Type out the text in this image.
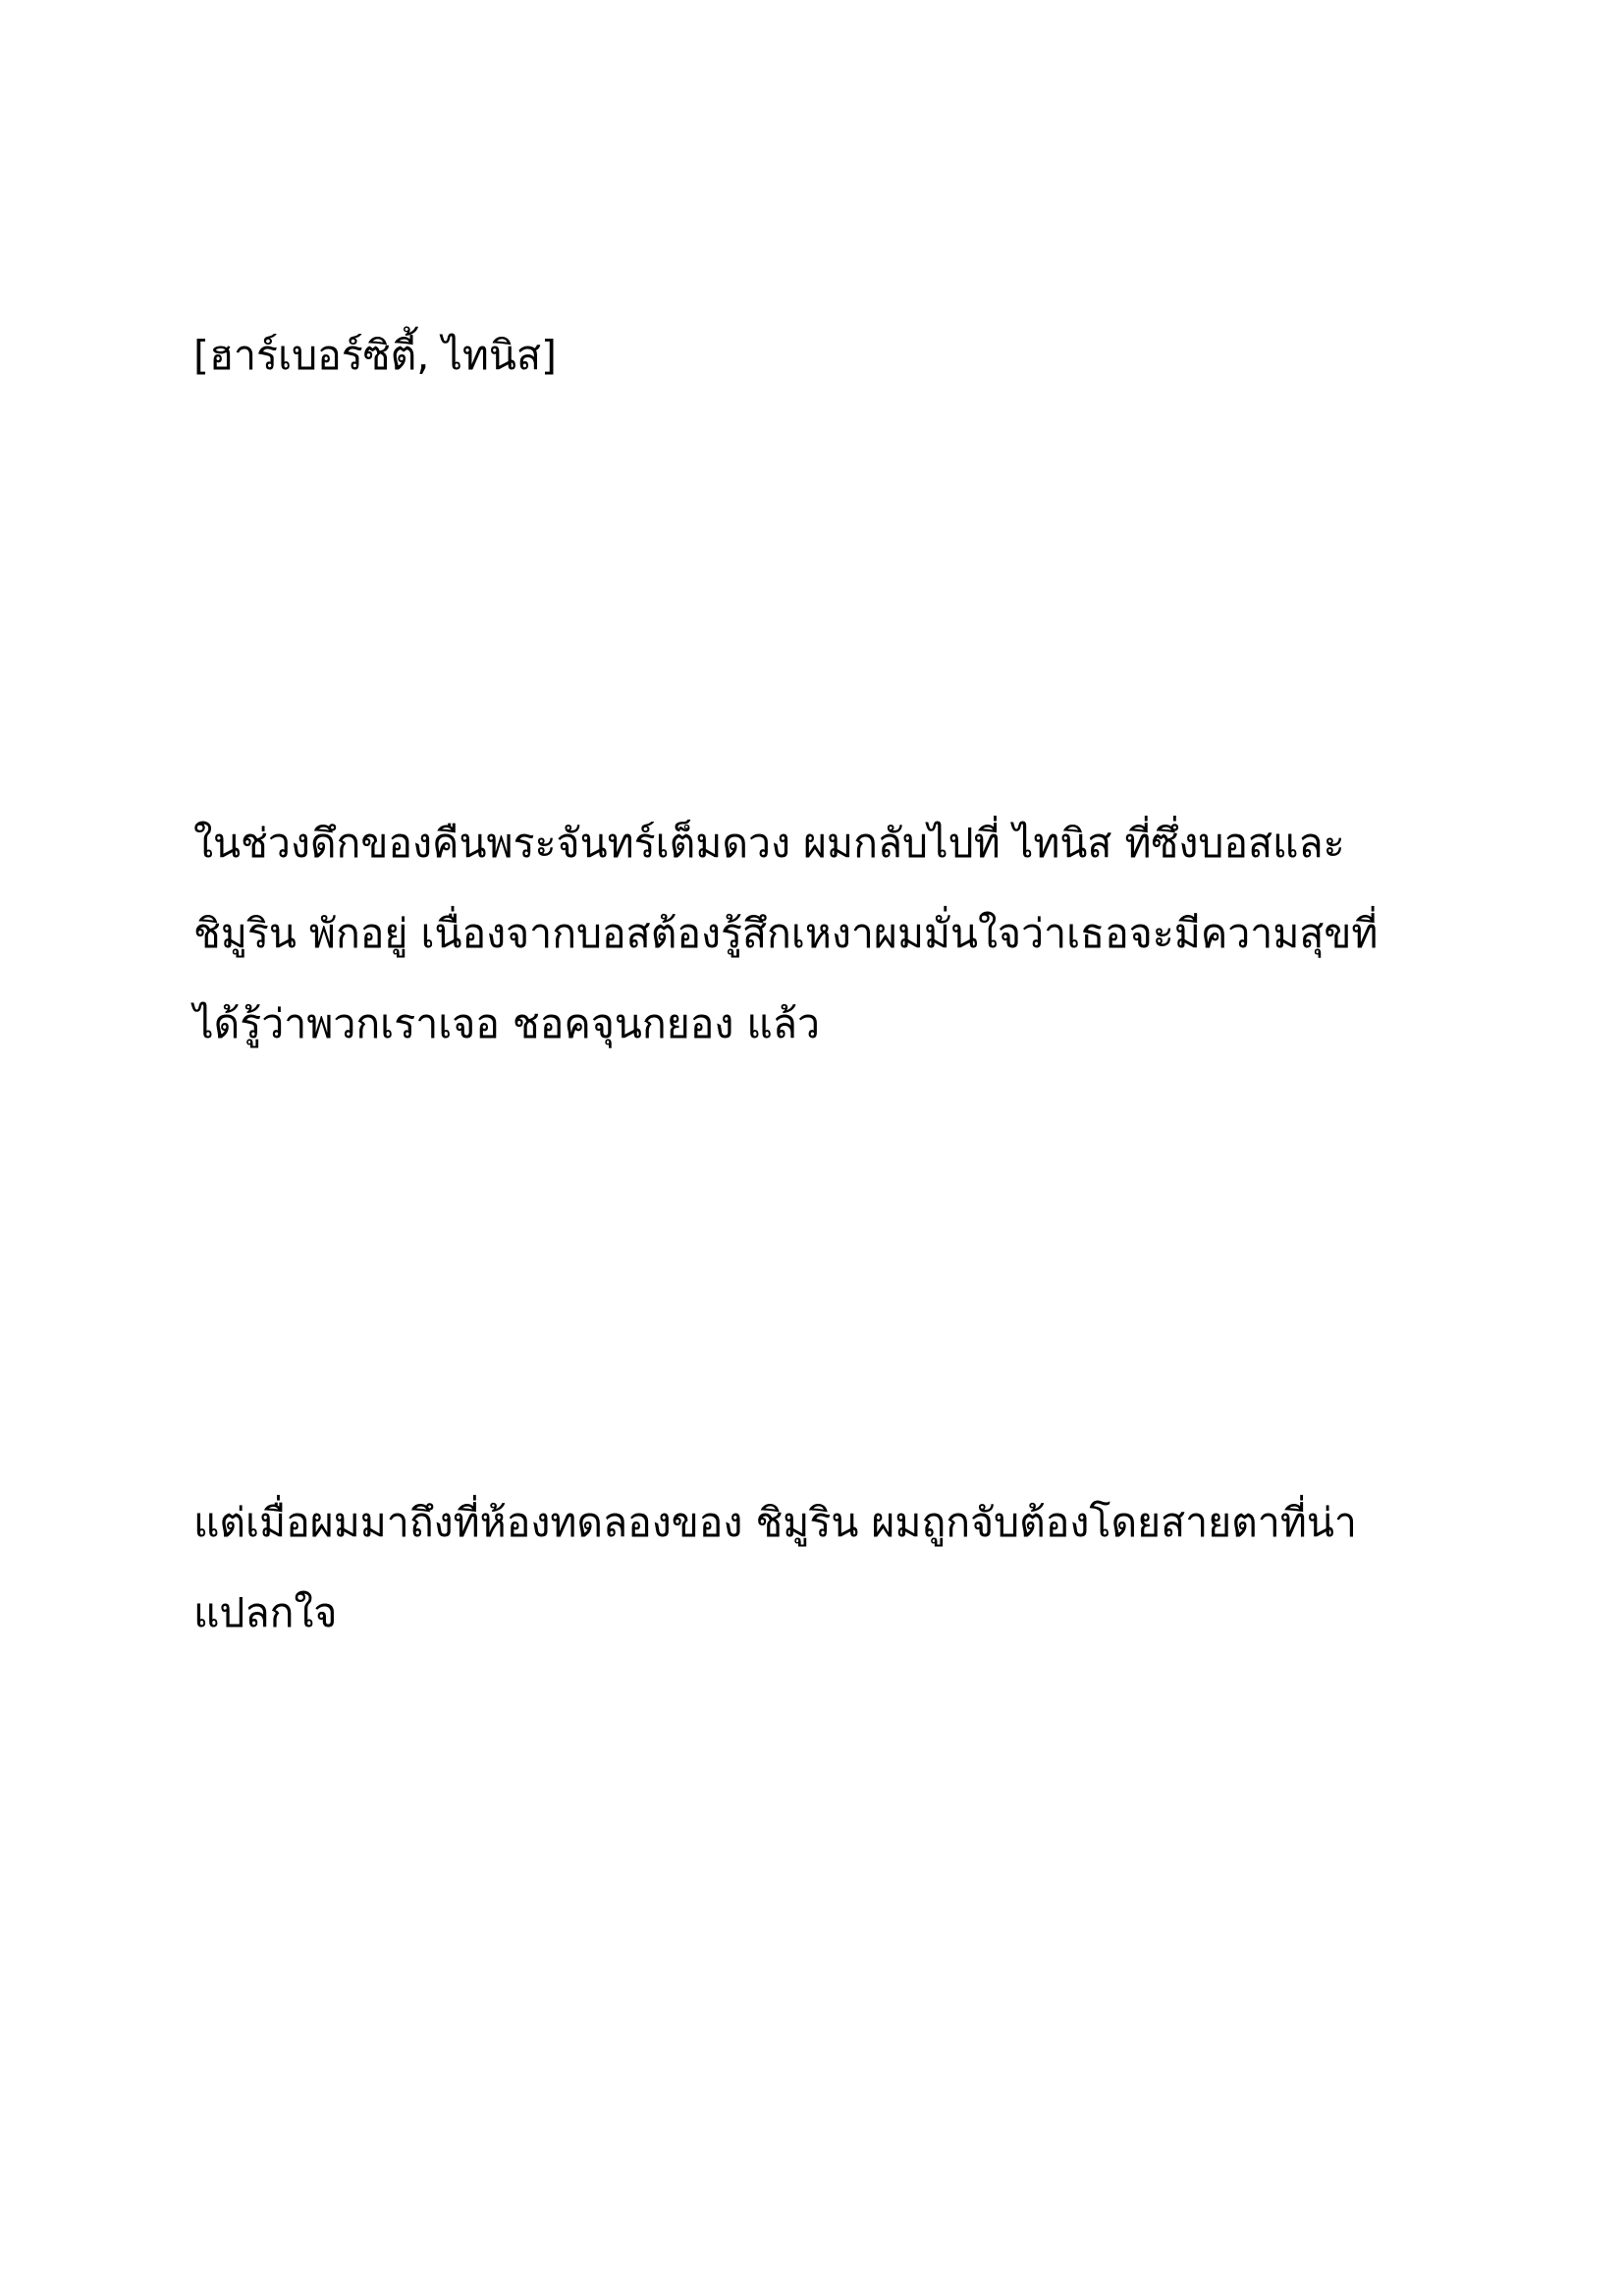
[ฮาร์เบอร์ซิตี้, ไทนิส]

ในช่วงดึกของคืนพระจันทร์เต็มดวง ผมกลับไปที่ ไทนิส ที่ซึ่งบอสและ
ชิมูริน พักอยู่ เนื่องจากบอสต้องรู้สึกเหงาผมมั่นใจว่าเธอจะมีความสุขที่
ได้รู้ว่าพวกเราเจอ ชอคจุนกยอง แล้ว

แต่เมื่อผมมาถึงที่ห้องทดลองของ ชิมูริน ผมถูกจับต้องโดยสายตาที่น่า
แปลกใจ
